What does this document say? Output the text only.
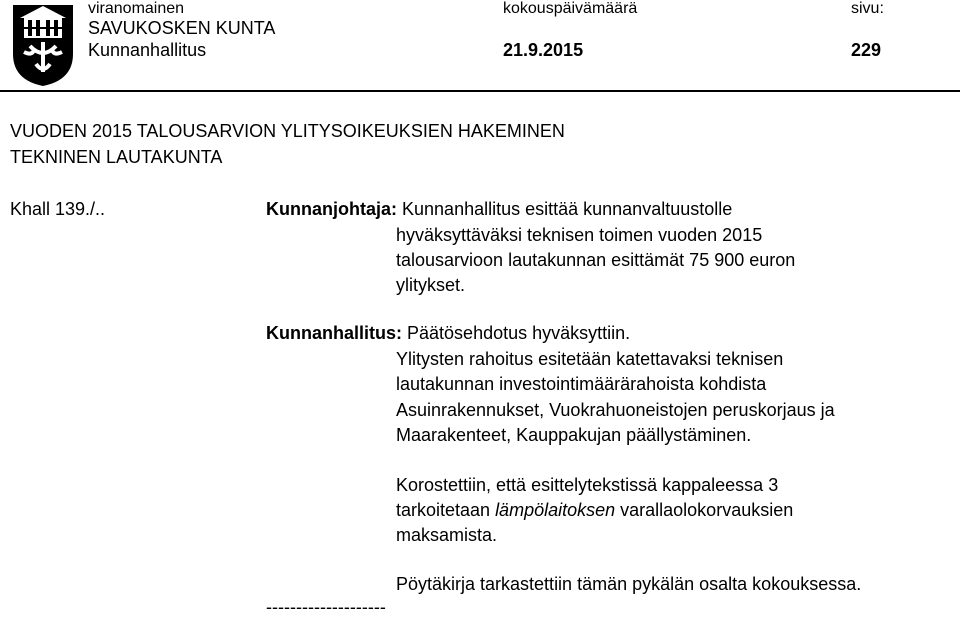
viranomainen	kokouspäivämäärä	sivu:
SAVUKOSKEN KUNTA
Kunnanhallitus	21.9.2015	229
VUODEN 2015 TALOUSARVION YLITYSOIKEUKSIEN HAKEMINEN
TEKNINEN LAUTAKUNTA
Khall 139./..	Kunnanjohtaja: Kunnanhallitus esittää kunnanvaltuustolle
hyväksyttäväksi teknisen toimen vuoden 2015
talousarvioon lautakunnan esittämät 75 900 euron
ylitykset.
Kunnanhallitus: Päätösehdotus hyväksyttiin.
Ylitysten rahoitus esitetään katettavaksi teknisen
lautakunnan investointimäärärahoista kohdista
Asuinrakennukset, Vuokrahuoneistojen peruskorjaus ja
Maarakenteet, Kauppakujan päällystäminen.
Korostettiin, että esittelytekstissä kappaleessa 3
tarkoitetaan lämpölaitoksen varallaolokorvauksien
maksamista.
Pöytäkirja tarkastettiin tämän pykälän osalta kokouksessa.
--------------------
